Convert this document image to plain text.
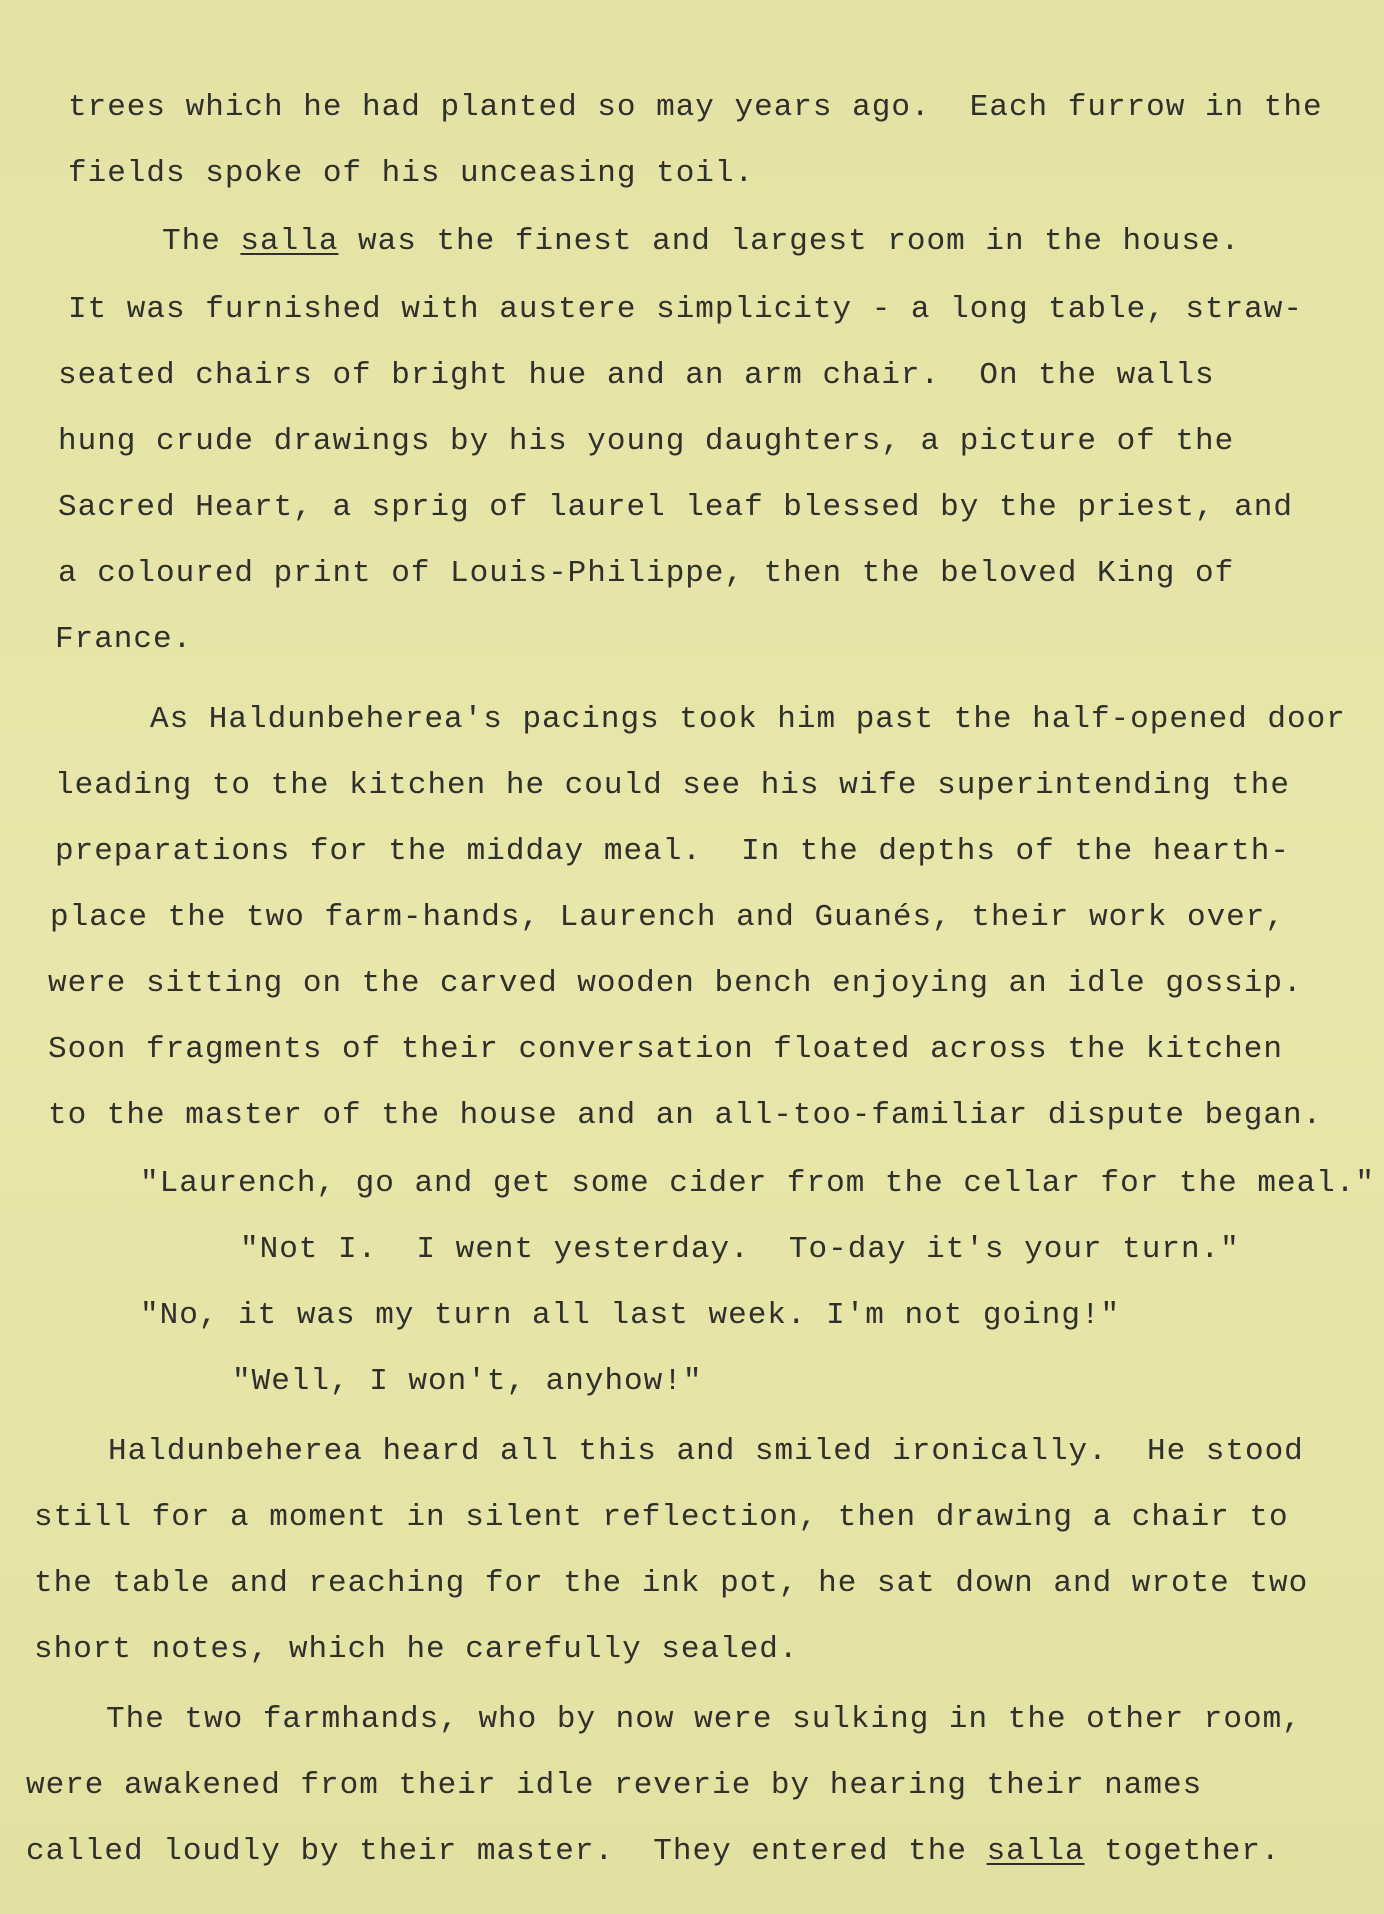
trees which he had planted so may years ago.  Each furrow in the
fields spoke of his unceasing toil.
The salla was the finest and largest room in the house.
It was furnished with austere simplicity - a long table, straw-
seated chairs of bright hue and an arm chair.  On the walls
hung crude drawings by his young daughters, a picture of the
Sacred Heart, a sprig of laurel leaf blessed by the priest, and
a coloured print of Louis-Philippe, then the beloved King of
France.
As Haldunbeherea's pacings took him past the half-opened door
leading to the kitchen he could see his wife superintending the
preparations for the midday meal.  In the depths of the hearth-
place the two farm-hands, Laurench and Guanés, their work over,
were sitting on the carved wooden bench enjoying an idle gossip.
Soon fragments of their conversation floated across the kitchen
to the master of the house and an all-too-familiar dispute began.
"Laurench, go and get some cider from the cellar for the meal."
"Not I.  I went yesterday.  To-day it's your turn."
"No, it was my turn all last week. I'm not going!"
"Well, I won't, anyhow!"
Haldunbeherea heard all this and smiled ironically.  He stood
still for a moment in silent reflection, then drawing a chair to
the table and reaching for the ink pot, he sat down and wrote two
short notes, which he carefully sealed.
The two farmhands, who by now were sulking in the other room,
were awakened from their idle reverie by hearing their names
called loudly by their master.  They entered the salla together.
